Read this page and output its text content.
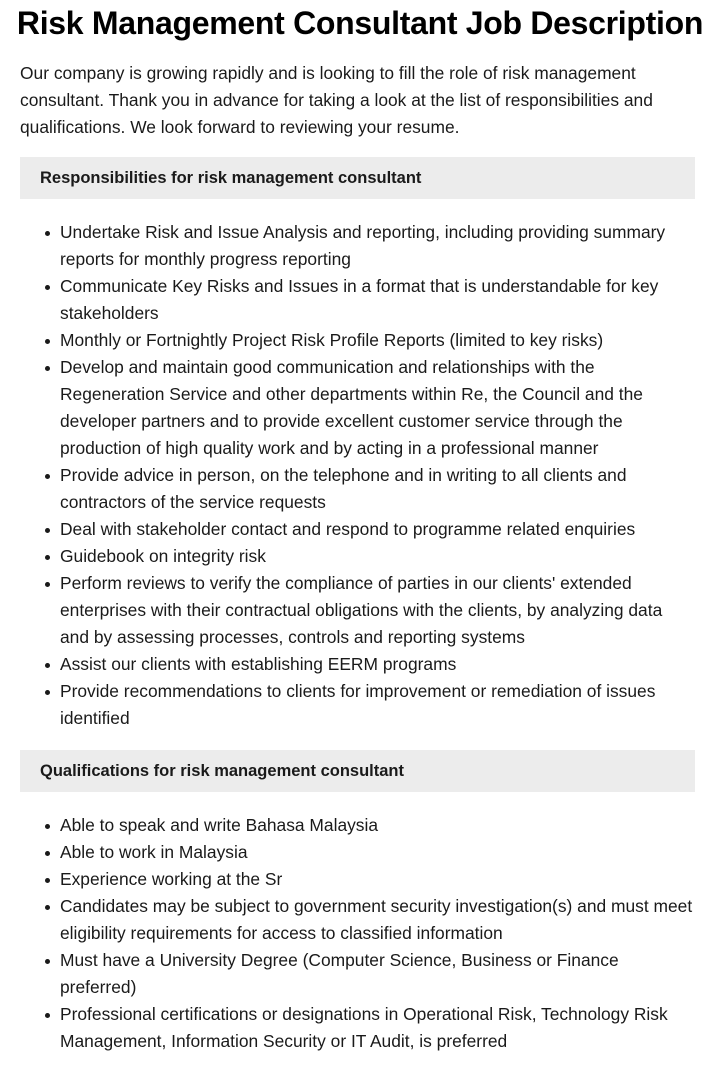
Risk Management Consultant Job Description

Our company is growing rapidly and is looking to fill the role of risk management consultant. Thank you in advance for taking a look at the list of responsibilities and qualifications. We look forward to reviewing your resume.

Responsibilities for risk management consultant
Undertake Risk and Issue Analysis and reporting, including providing summary reports for monthly progress reporting
Communicate Key Risks and Issues in a format that is understandable for key stakeholders
Monthly or Fortnightly Project Risk Profile Reports (limited to key risks)
Develop and maintain good communication and relationships with the Regeneration Service and other departments within Re, the Council and the developer partners and to provide excellent customer service through the production of high quality work and by acting in a professional manner
Provide advice in person, on the telephone and in writing to all clients and contractors of the service requests
Deal with stakeholder contact and respond to programme related enquiries
Guidebook on integrity risk
Perform reviews to verify the compliance of parties in our clients' extended enterprises with their contractual obligations with the clients, by analyzing data and by assessing processes, controls and reporting systems
Assist our clients with establishing EERM programs
Provide recommendations to clients for improvement or remediation of issues identified
Qualifications for risk management consultant
Able to speak and write Bahasa Malaysia
Able to work in Malaysia
Experience working at the Sr
Candidates may be subject to government security investigation(s) and must meet eligibility requirements for access to classified information
Must have a University Degree (Computer Science, Business or Finance preferred)
Professional certifications or designations in Operational Risk, Technology Risk Management, Information Security or IT Audit, is preferred
